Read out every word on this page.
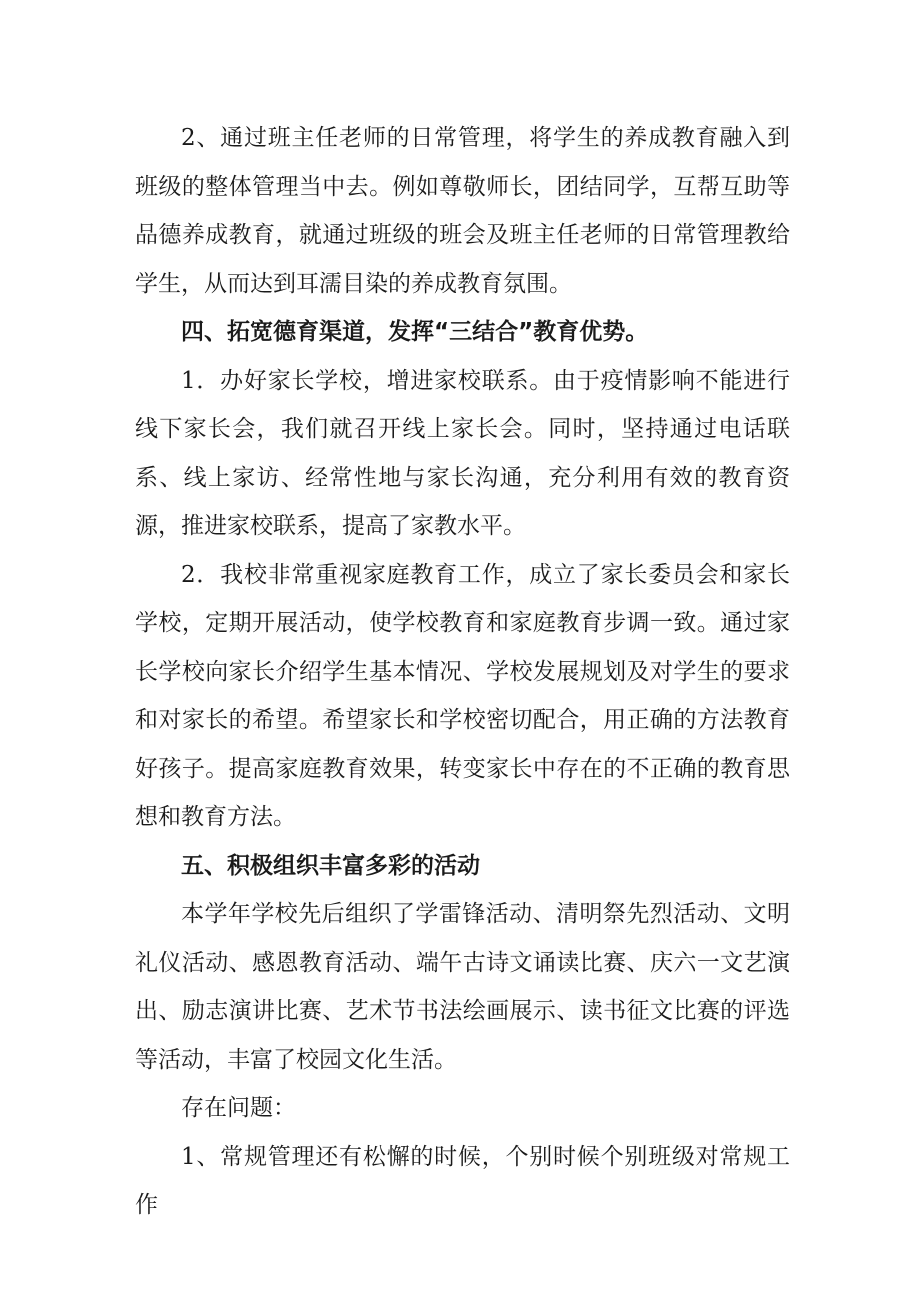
2、通过班主任老师的日常管理，将学生的养成教育融入到班级的整体管理当中去。例如尊敬师长，团结同学，互帮互助等品德养成教育，就通过班级的班会及班主任老师的日常管理教给学生，从而达到耳濡目染的养成教育氛围。

四、拓宽德育渠道，发挥“三结合”教育优势。

1．办好家长学校，增进家校联系。由于疫情影响不能进行线下家长会，我们就召开线上家长会。同时，坚持通过电话联系、线上家访、经常性地与家长沟通，充分利用有效的教育资源，推进家校联系，提高了家教水平。

2．我校非常重视家庭教育工作，成立了家长委员会和家长学校，定期开展活动，使学校教育和家庭教育步调一致。通过家长学校向家长介绍学生基本情况、学校发展规划及对学生的要求和对家长的希望。希望家长和学校密切配合，用正确的方法教育好孩子。提高家庭教育效果，转变家长中存在的不正确的教育思想和教育方法。

五、积极组织丰富多彩的活动

本学年学校先后组织了学雷锋活动、清明祭先烈活动、文明礼仪活动、感恩教育活动、端午古诗文诵读比赛、庆六一文艺演出、励志演讲比赛、艺术节书法绘画展示、读书征文比赛的评选等活动，丰富了校园文化生活。

存在问题：

1、常规管理还有松懈的时候，个别时候个别班级对常规工作
